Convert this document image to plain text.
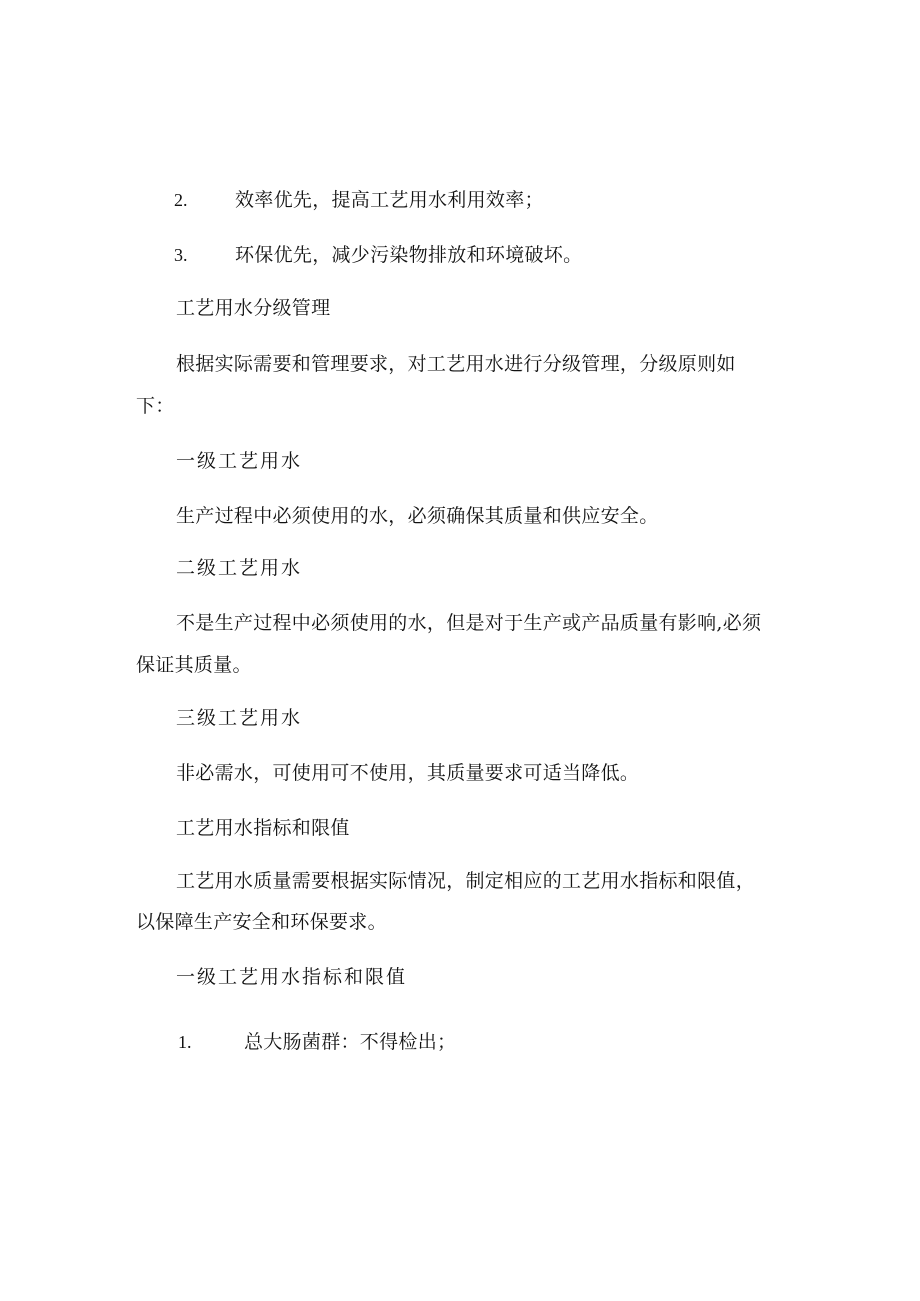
2.	效率优先，提高工艺用水利用效率；
3.	环保优先，减少污染物排放和环境破坏。
工艺用水分级管理
根据实际需要和管理要求，对工艺用水进行分级管理，分级原则如
下：
一级工艺用水
生产过程中必须使用的水，必须确保其质量和供应安全。
二级工艺用水
不是生产过程中必须使用的水，但是对于生产或产品质量有影响,必须
保证其质量。
三级工艺用水
非必需水，可使用可不使用，其质量要求可适当降低。
工艺用水指标和限值
工艺用水质量需要根据实际情况，制定相应的工艺用水指标和限值，
以保障生产安全和环保要求。
一级工艺用水指标和限值
1.	总大肠菌群：不得检出；
